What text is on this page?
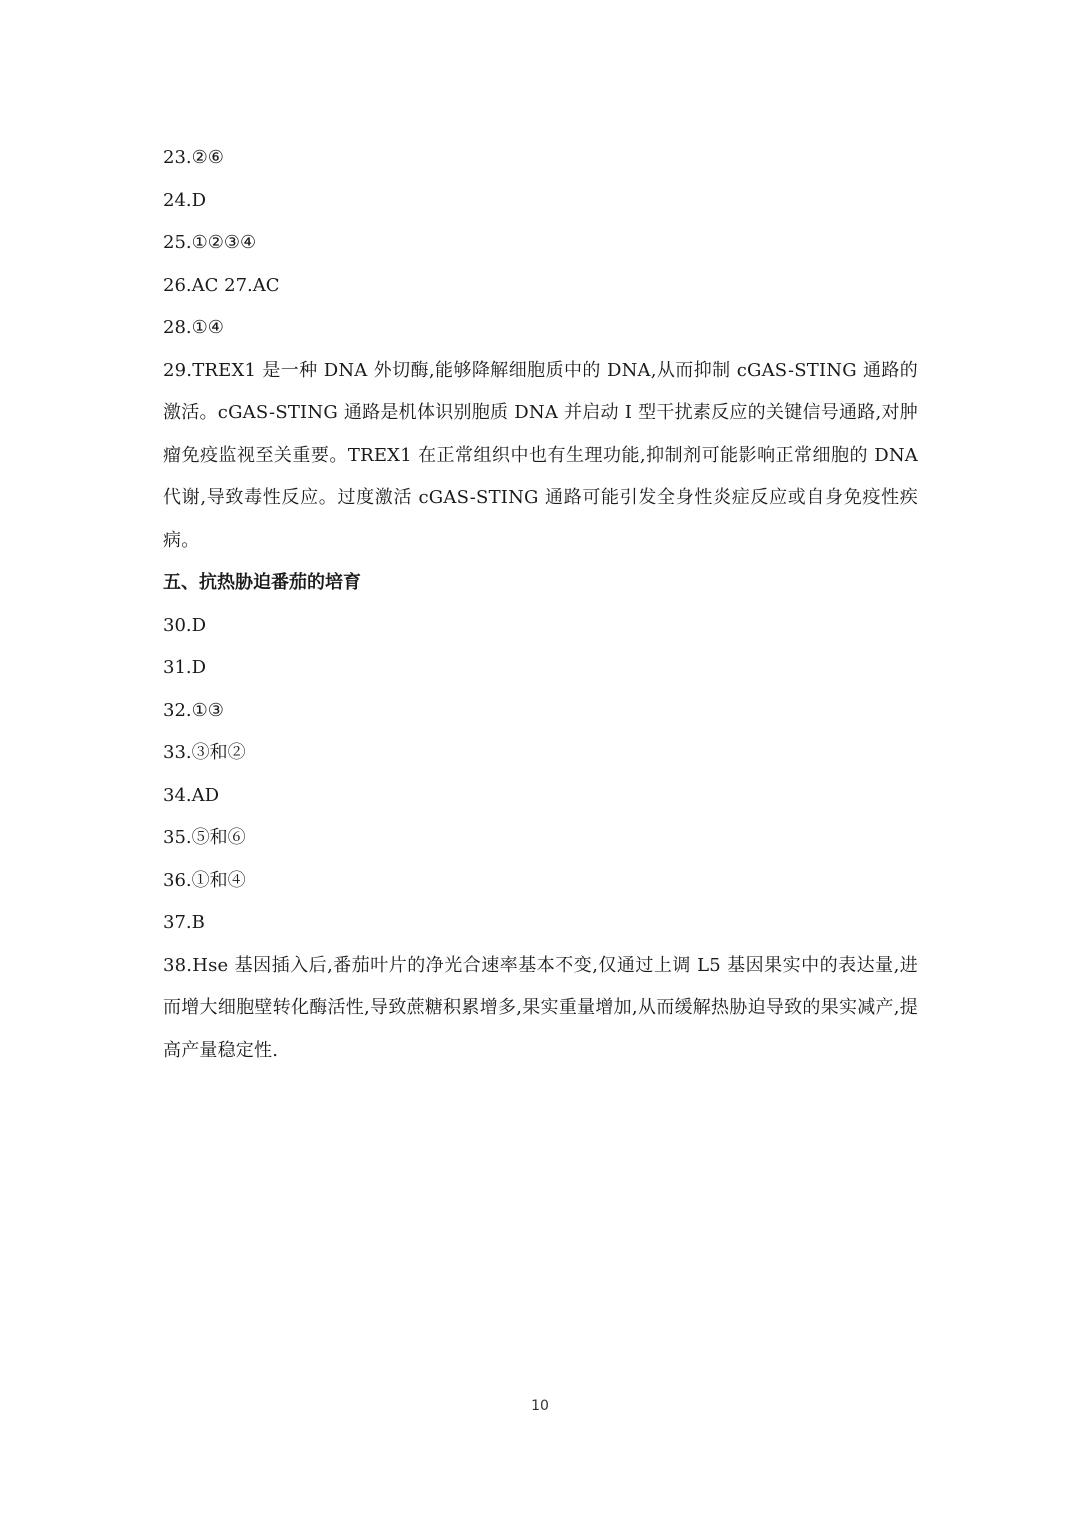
23.②⑥
24.D
25.①②③④
26.AC 27.AC
28.①④
29.TREX1 是一种 DNA 外切酶,能够降解细胞质中的 DNA,从而抑制 cGAS-STING 通路的激活。cGAS-STING 通路是机体识别胞质 DNA 并启动 I 型干扰素反应的关键信号通路,对肿瘤免疫监视至关重要。TREX1 在正常组织中也有生理功能,抑制剂可能影响正常细胞的 DNA 代谢,导致毒性反应。过度激活 cGAS-STING 通路可能引发全身性炎症反应或自身免疫性疾病。
五、抗热胁迫番茄的培育
30.D
31.D
32.①③
33.③和②
34.AD
35.⑤和⑥
36.①和④
37.B
38.Hse 基因插入后,番茄叶片的净光合速率基本不变,仅通过上调 L5 基因果实中的表达量,进而增大细胞壁转化酶活性,导致蔗糖积累增多,果实重量增加,从而缓解热胁迫导致的果实减产,提高产量稳定性.
10
